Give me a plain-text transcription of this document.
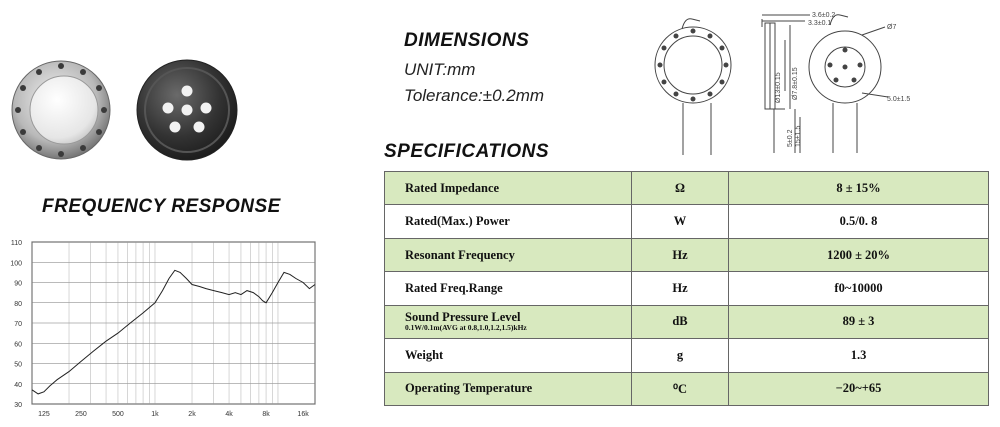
DIMENSIONS
UNIT:mm
Tolerance:±0.2mm
SPECIFICATIONS
FREQUENCY RESPONSE
3.6±0.2
3.3±0.1
Ø13±0.15 Ø7.8±0.15
5±0.2 15±1.5
Ø7
5.0±1.5
30
40
50
60
70
80
90
100
110
125	250	500	1k	2k	4k	8k	16k
Rated Impedance	Ω	8 ± 15%

Rated(Max.) Power	W	0.5/0. 8

Resonant Frequency	Hz	1200 ± 20%

Rated Freq.Range	Hz	f0~10000

Sound Pressure Level
0.1W/0.1m(AVG at 0.8,1.0,1.2,1.5)kHz	dB	89 ± 3

Weight	g	1.3

Operating Temperature	⁰C	−20~+65
